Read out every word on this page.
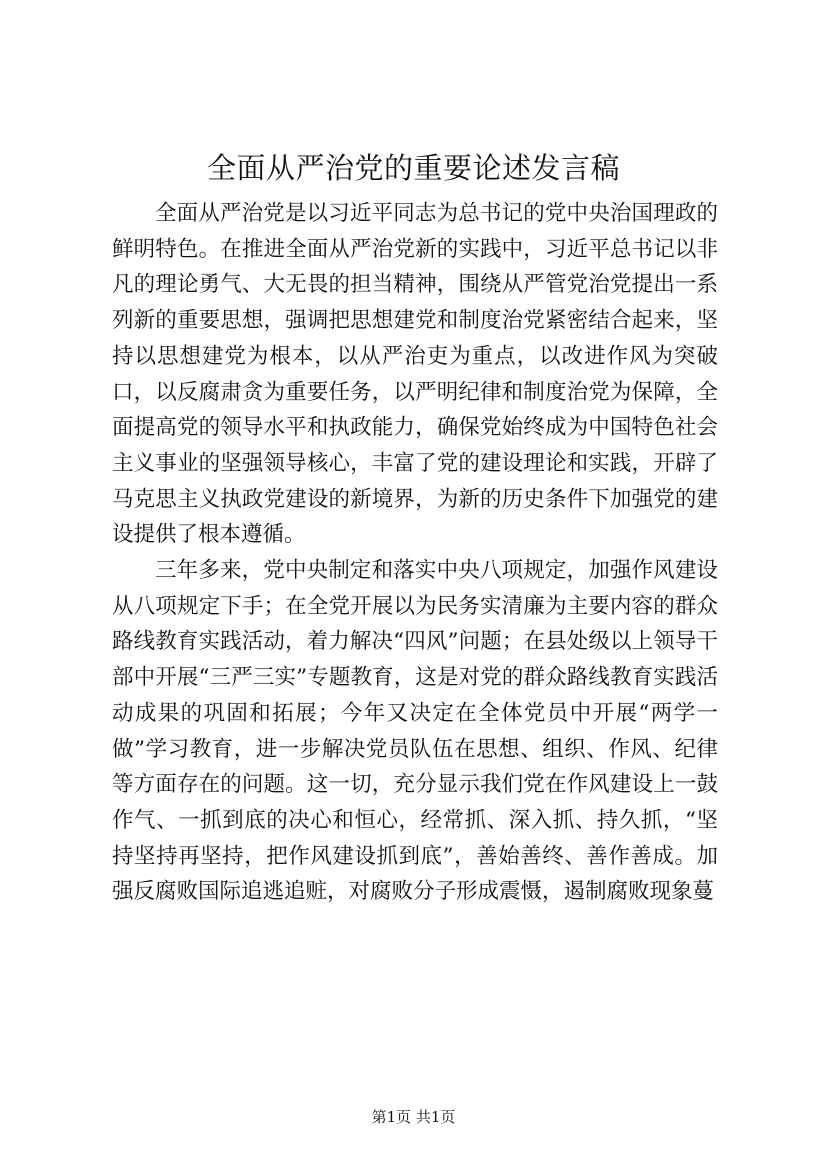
全面从严治党的重要论述发言稿

全面从严治党是以习近平同志为总书记的党中央治国理政的鲜明特色。在推进全面从严治党新的实践中，习近平总书记以非凡的理论勇气、大无畏的担当精神，围绕从严管党治党提出一系列新的重要思想，强调把思想建党和制度治党紧密结合起来，坚持以思想建党为根本，以从严治吏为重点，以改进作风为突破口，以反腐肃贪为重要任务，以严明纪律和制度治党为保障，全面提高党的领导水平和执政能力，确保党始终成为中国特色社会主义事业的坚强领导核心，丰富了党的建设理论和实践，开辟了马克思主义执政党建设的新境界，为新的历史条件下加强党的建设提供了根本遵循。

三年多来，党中央制定和落实中央八项规定，加强作风建设从八项规定下手；在全党开展以为民务实清廉为主要内容的群众路线教育实践活动，着力解决“四风”问题；在县处级以上领导干部中开展“三严三实”专题教育，这是对党的群众路线教育实践活动成果的巩固和拓展；今年又决定在全体党员中开展“两学一做”学习教育，进一步解决党员队伍在思想、组织、作风、纪律等方面存在的问题。这一切，充分显示我们党在作风建设上一鼓作气、一抓到底的决心和恒心，经常抓、深入抓、持久抓，“坚持坚持再坚持，把作风建设抓到底”，善始善终、善作善成。加强反腐败国际追逃追赃，对腐败分子形成震慑，遏制腐败现象蔓

第1页 共1页
